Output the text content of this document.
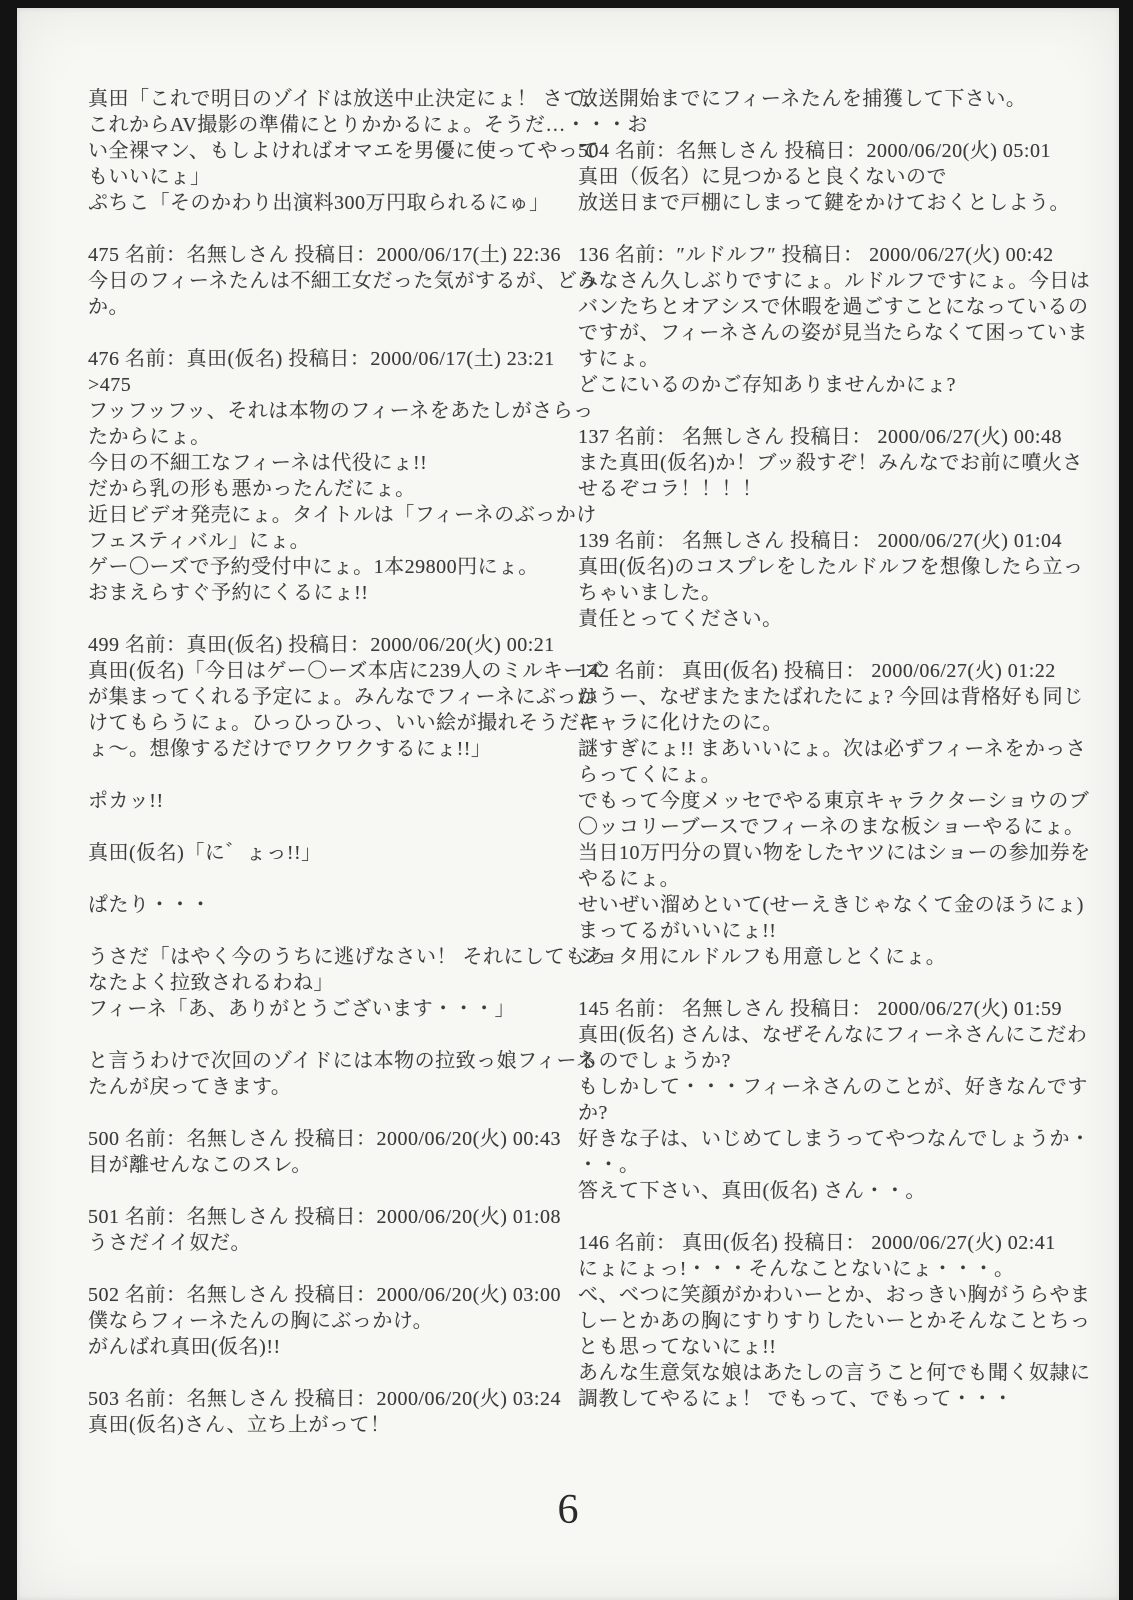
真田「これで明日のゾイドは放送中止決定にょ！ さて、
これからAV撮影の準備にとりかかるにょ。そうだ…・・・お
い全裸マン、もしよければオマエを男優に使ってやって
もいいにょ」
ぷちこ「そのかわり出演料300万円取られるにゅ」
475 名前：名無しさん 投稿日：2000/06/17(土) 22:36
今日のフィーネたんは不細工女だった気がするが、どう
か。
476 名前：真田(仮名) 投稿日：2000/06/17(土) 23:21
>475
フッフッフッ、それは本物のフィーネをあたしがさらっ
たからにょ。
今日の不細工なフィーネは代役にょ!!
だから乳の形も悪かったんだにょ。
近日ビデオ発売にょ。タイトルは「フィーネのぶっかけ
フェスティバル」にょ。
ゲー〇ーズで予約受付中にょ。1本29800円にょ。
おまえらすぐ予約にくるにょ!!
499 名前：真田(仮名) 投稿日：2000/06/20(火) 00:21
真田(仮名)「今日はゲー〇ーズ本店に239人のミルキーズ
が集まってくれる予定にょ。みんなでフィーネにぶっか
けてもらうにょ。ひっひっひっ、いい絵が撮れそうだに
ょ〜。想像するだけでワクワクするにょ!!」
ポカッ!!
真田(仮名)「に゛ょっ!!」
ぱたり・・・
うさだ「はやく今のうちに逃げなさい！ それにしてもあ
なたよく拉致されるわね」
フィーネ「あ、ありがとうございます・・・」
と言うわけで次回のゾイドには本物の拉致っ娘フィーネ
たんが戻ってきます。
500 名前：名無しさん 投稿日：2000/06/20(火) 00:43
目が離せんなこのスレ。
501 名前：名無しさん 投稿日：2000/06/20(火) 01:08
うさだイイ奴だ。
502 名前：名無しさん 投稿日：2000/06/20(火) 03:00
僕ならフィーネたんの胸にぶっかけ。
がんばれ真田(仮名)!!
503 名前：名無しさん 投稿日：2000/06/20(火) 03:24
真田(仮名)さん、立ち上がって！
放送開始までにフィーネたんを捕獲して下さい。
504 名前：名無しさん 投稿日：2000/06/20(火) 05:01
真田（仮名）に見つかると良くないので
放送日まで戸棚にしまって鍵をかけておくとしよう。
136 名前：″ルドルフ″ 投稿日： 2000/06/27(火) 00:42
みなさん久しぶりですにょ。ルドルフですにょ。今日は
バンたちとオアシスで休暇を過ごすことになっているの
ですが、フィーネさんの姿が見当たらなくて困っていま
すにょ。
どこにいるのかご存知ありませんかにょ?
137 名前： 名無しさん 投稿日： 2000/06/27(火) 00:48
また真田(仮名)か！ブッ殺すぞ！みんなでお前に噴火さ
せるぞコラ！！！！
139 名前： 名無しさん 投稿日： 2000/06/27(火) 01:04
真田(仮名)のコスプレをしたルドルフを想像したら立っ
ちゃいました。
責任とってください。
142 名前： 真田(仮名) 投稿日： 2000/06/27(火) 01:22
はうー、なぜまたまたばれたにょ? 今回は背格好も同じ
キャラに化けたのに。
謎すぎにょ!! まあいいにょ。次は必ずフィーネをかっさ
らってくにょ。
でもって今度メッセでやる東京キャラクターショウのブ
〇ッコリーブースでフィーネのまな板ショーやるにょ。
当日10万円分の買い物をしたヤツにはショーの参加券を
やるにょ。
せいぜい溜めといて(せーえきじゃなくて金のほうにょ)
まってるがいいにょ!!
ショタ用にルドルフも用意しとくにょ。
145 名前： 名無しさん 投稿日： 2000/06/27(火) 01:59
真田(仮名) さんは、なぜそんなにフィーネさんにこだわ
るのでしょうか?
もしかして・・・フィーネさんのことが、好きなんです
か?
好きな子は、いじめてしまうってやつなんでしょうか・
・・。
答えて下さい、真田(仮名) さん・・。
146 名前： 真田(仮名) 投稿日： 2000/06/27(火) 02:41
にょにょっ!・・・そんなことないにょ・・・。
べ、べつに笑顔がかわいーとか、おっきい胸がうらやま
しーとかあの胸にすりすりしたいーとかそんなことちっ
とも思ってないにょ!!
あんな生意気な娘はあたしの言うこと何でも聞く奴隷に
調教してやるにょ！ でもって、でもって・・・
6
